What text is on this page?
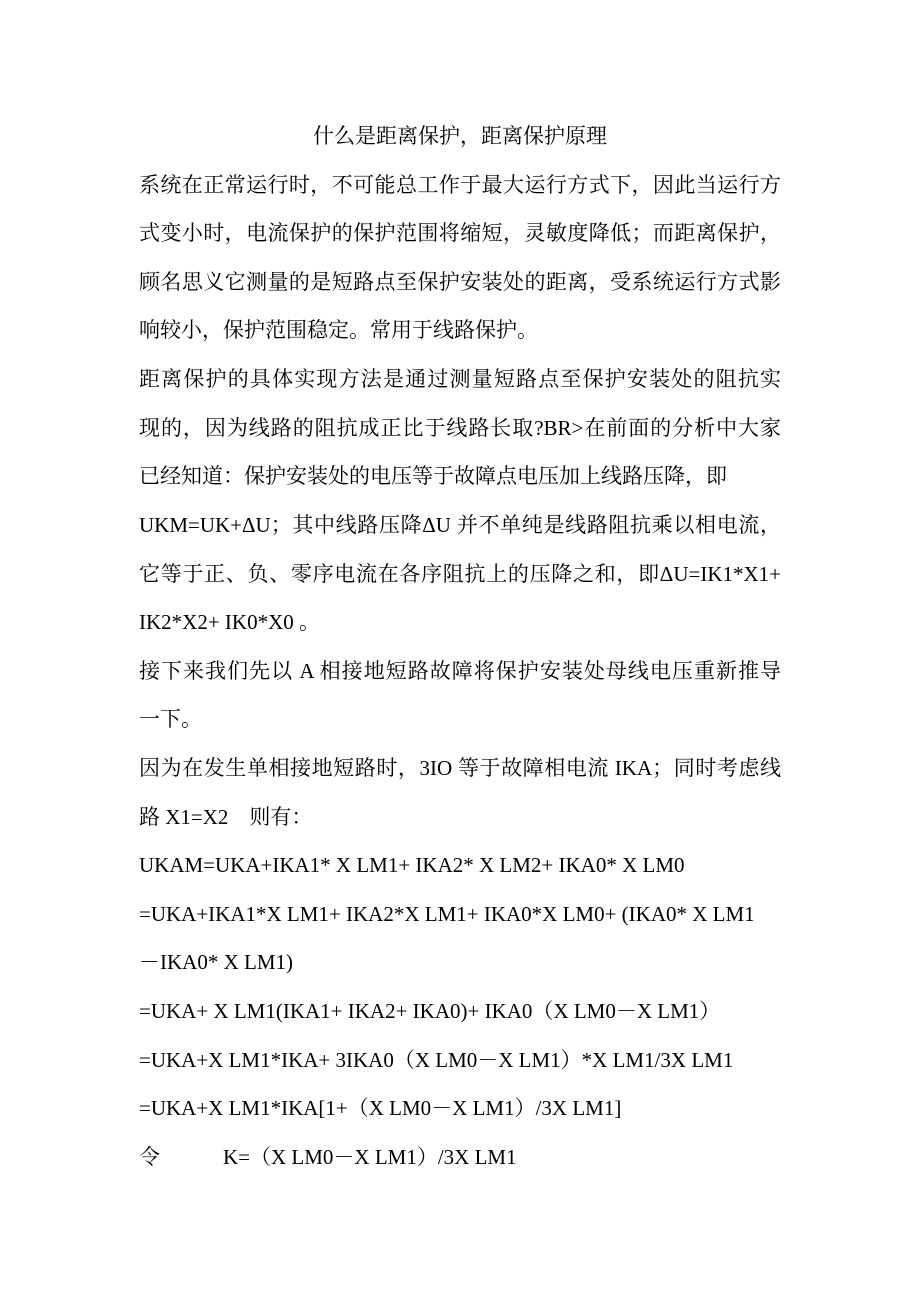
什么是距离保护，距离保护原理
系统在正常运行时，不可能总工作于最大运行方式下，因此当运行方
式变小时，电流保护的保护范围将缩短，灵敏度降低；而距离保护，
顾名思义它测量的是短路点至保护安装处的距离，受系统运行方式影
响较小，保护范围稳定。常用于线路保护。
距离保护的具体实现方法是通过测量短路点至保护安装处的阻抗实
现的，因为线路的阻抗成正比于线路长取?BR>在前面的分析中大家
已经知道：保护安装处的电压等于故障点电压加上线路压降，即
UKM=UK+ΔU；其中线路压降ΔU 并不单纯是线路阻抗乘以相电流，
它等于正、负、零序电流在各序阻抗上的压降之和，即ΔU=IK1*X1+
IK2*X2+ IK0*X0 。
接下来我们先以 A 相接地短路故障将保护安装处母线电压重新推导
一下。
因为在发生单相接地短路时，3IO 等于故障相电流 IKA；同时考虑线
路 X1=X2　则有：
UKAM=UKA+IKA1* X LM1+ IKA2* X LM2+ IKA0* X LM0
=UKA+IKA1*X LM1+ IKA2*X LM1+ IKA0*X LM0+ (IKA0* X LM1
－IKA0* X LM1)
=UKA+ X LM1(IKA1+ IKA2+ IKA0)+ IKA0（X LM0－X LM1）
=UKA+X LM1*IKA+ 3IKA0（X LM0－X LM1）*X LM1/3X LM1
=UKA+X LM1*IKA[1+（X LM0－X LM1）/3X LM1]
令　　　K=（X LM0－X LM1）/3X LM1
